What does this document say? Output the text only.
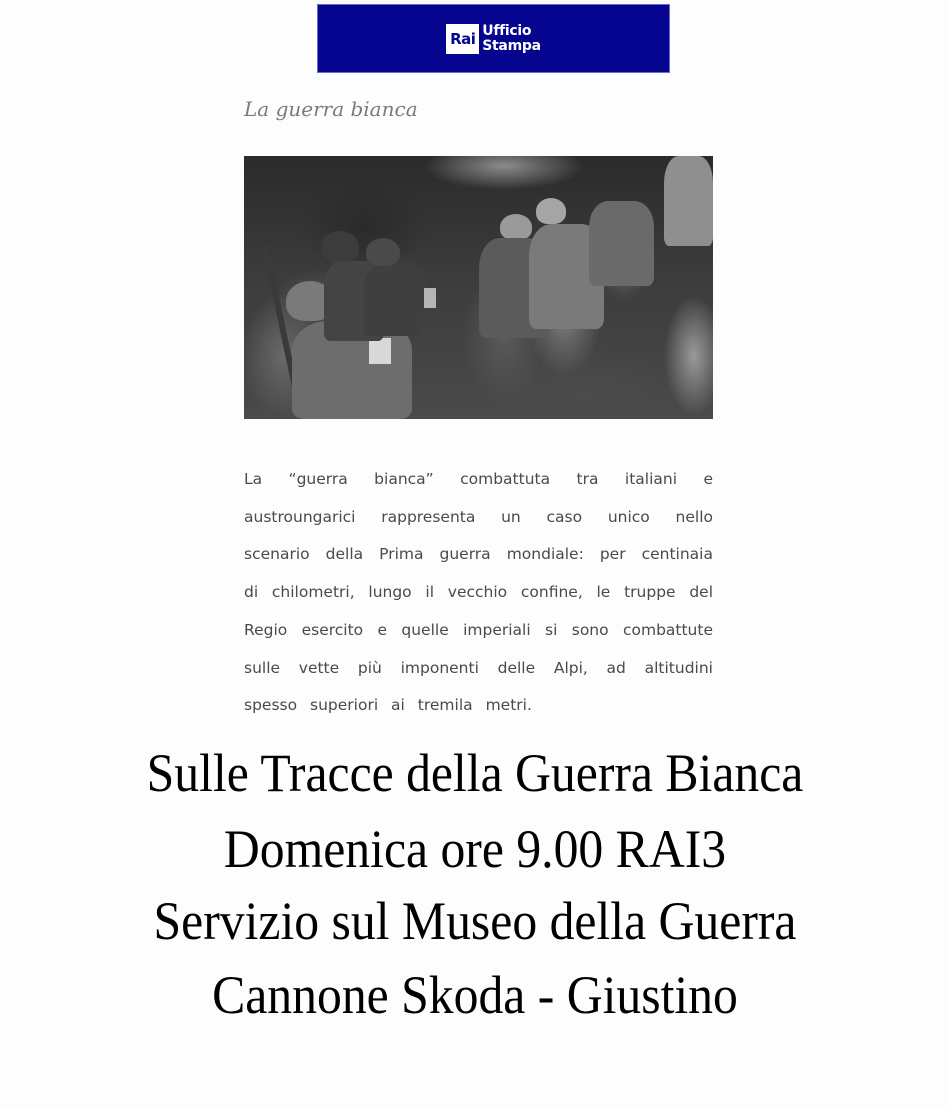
Rai Ufficio
Stampa
La guerra bianca
La “guerra bianca” combattuta tra italiani e
austroungarici rappresenta un caso unico nello
scenario della Prima guerra mondiale: per centinaia
di chilometri, lungo il vecchio confine, le truppe del
Regio esercito e quelle imperiali si sono combattute
sulle vette più imponenti delle Alpi, ad altitudini
spesso superiori ai tremila metri.
Sulle Tracce della Guerra Bianca
Domenica ore 9.00 RAI3
Servizio sul Museo della Guerra
Cannone Skoda - Giustino
